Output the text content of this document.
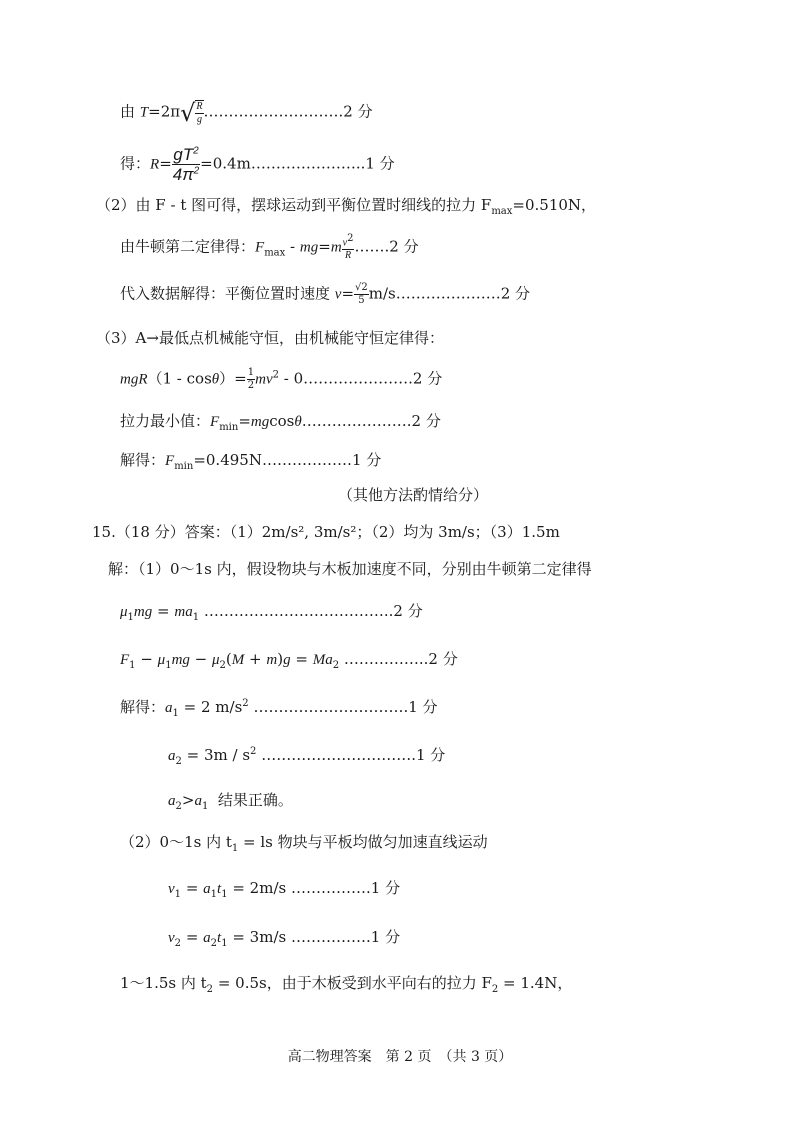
由 T=2π √ $\frac{R}{g}$ ……………………….2 分
得：$R= \frac{gT^2}{4\pi^2}$ =0.4m…………………..1 分
（2）由 F - t 图可得，摆球运动到平衡位置时细线的拉力 $F_{max}=0.510N$，
由牛顿第二定律得：$F_{max} - mg=m \frac{v^2}{R}$ …….2 分
代入数据解得：平衡位置时速度 $v= \frac{√2}{5}$ m/s…………………2 分
（3）A→最低点机械能守恒，由机械能守恒定律得：
$mgR(1 - \cos\theta)= \frac{1}{2} mv^2$ - 0………………….2 分
拉力最小值：$F_{min}=mgcos\theta\dots\dots\dots\dots\dots\dots\dots.2$ 分
解得：$F_{min}=0.495N\dots\dots\dots\dots\dots\dots 1$ 分
（其他方法酌情给分）
15.（18 分）答案：（1）2m/s², 3m/s²；（2）均为 3m/s；（3）1.5m
解：（1）0～1s 内，假设物块与木板加速度不同，分别由牛顿第二定律得
$\mu_1mg = ma_1$ ………………………………..2 分
$F_1 - \mu_1mg - \mu_2(M + m)g = Ma_2$ ……………..2 分
解得：$a_1 = 2$ $m/s^2$ ………………………….1 分
$a_2 = 3m / s^2$ ………………………….1 分
$a_2>a_1$ 结果正确。
（2）0～1s 内 $t_1$ = ls 物块与平板均做匀加速直线运动
$v_1 = a_1t_1 = 2m/s$ …………….1 分
$v_2 = a_2t_1 = 3m/s$ …………….1 分
1～1.5s 内 $t_2 = 0.5s$，由于木板受到水平向右的拉力 $F_2 = 1.4N$，
高二物理答案　第 2 页　（共 3 页）
